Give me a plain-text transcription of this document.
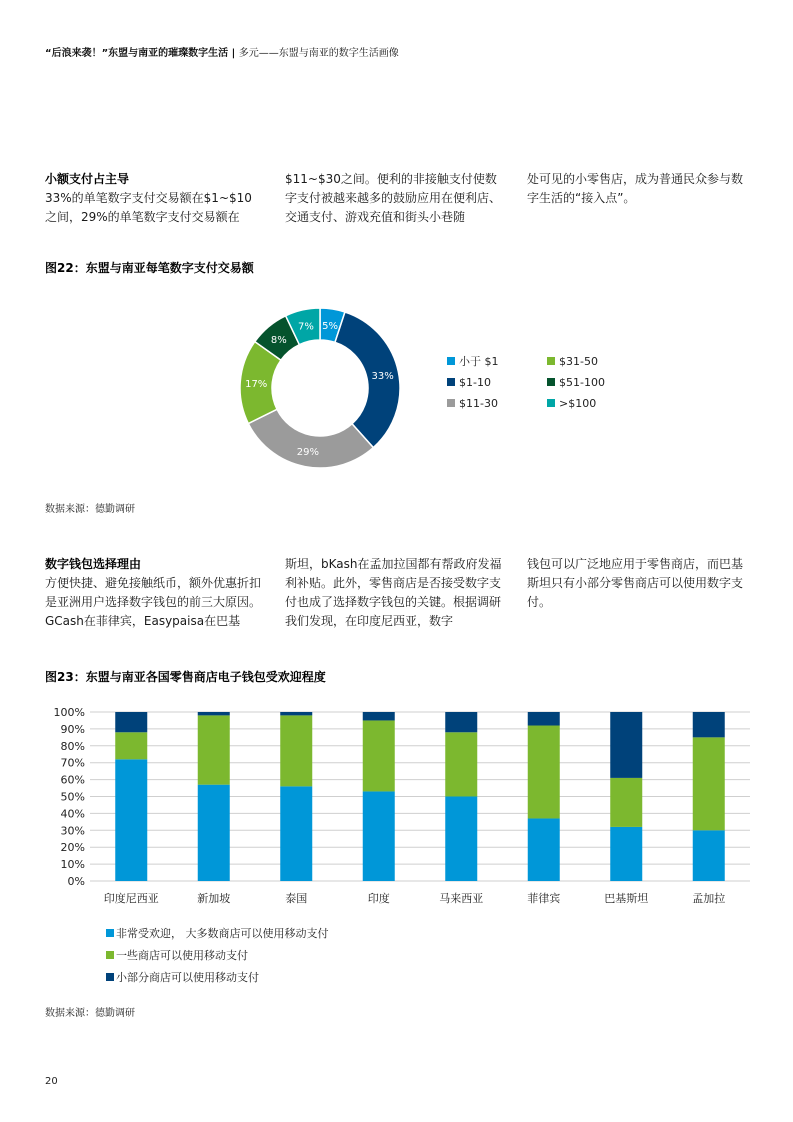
“后浪来袭！”东盟与南亚的璀璨数字生活 | 多元——东盟与南亚的数字生活画像
小额支付占主导
33%的单笔数字支付交易额在$1~$10之间，29%的单笔数字支付交易额在
$11~$30之间。便利的非接触支付使数字支付被越来越多的鼓励应用在便利店、交通支付、游戏充值和街头小巷随
处可见的小零售店，成为普通民众参与数字生活的“接入点”。
图22：东盟与南亚每笔数字支付交易额
5%
33%
29%
17%
8%
7%
小于 $1	$31-50
$1-10	$51-100
$11-30	>$100
数据来源：德勤调研
数字钱包选择理由
方便快捷、避免接触纸币，额外优惠折扣是亚洲用户选择数字钱包的前三大原因。GCash在菲律宾，Easypaisa在巴基
斯坦，bKash在孟加拉国都有帮政府发福利补贴。此外，零售商店是否接受数字支付也成了选择数字钱包的关键。根据调研我们发现，在印度尼西亚，数字
钱包可以广泛地应用于零售商店，而巴基斯坦只有小部分零售商店可以使用数字支付。
图23：东盟与南亚各国零售商店电子钱包受欢迎程度
0%
10%
20%
30%
40%
50%
60%
70%
80%
90%
100%
印度尼西亚	新加坡	泰国	印度	马来西亚	菲律宾	巴基斯坦	孟加拉
非常受欢迎， 大多数商店可以使用移动支付
一些商店可以使用移动支付
小部分商店可以使用移动支付
数据来源：德勤调研
20
